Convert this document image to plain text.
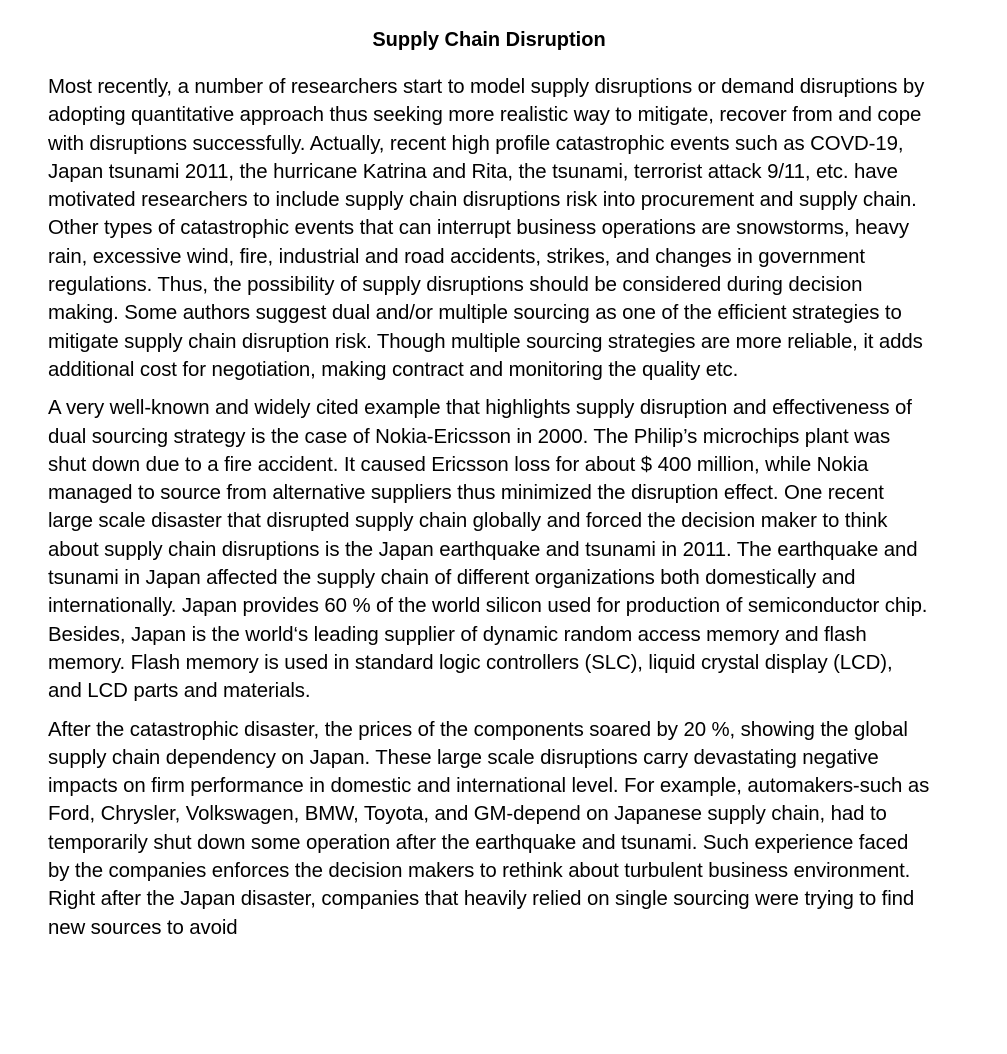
Supply Chain Disruption

Most recently, a number of researchers start to model supply disruptions or demand disruptions by adopting quantitative approach thus seeking more realistic way to mitigate, recover from and cope with disruptions successfully. Actually, recent high profile catastrophic events such as COVD-19, Japan tsunami 2011, the hurricane Katrina and Rita, the tsunami, terrorist attack 9/11, etc. have motivated researchers to include supply chain disruptions risk into procurement and supply chain. Other types of catastrophic events that can interrupt business operations are snowstorms, heavy rain, excessive wind, fire, industrial and road accidents, strikes, and changes in government regulations. Thus, the possibility of supply disruptions should be considered during decision making. Some authors suggest dual and/or multiple sourcing as one of the efficient strategies to mitigate supply chain disruption risk. Though multiple sourcing strategies are more reliable, it adds additional cost for negotiation, making contract and monitoring the quality etc.

A very well-known and widely cited example that highlights supply disruption and effectiveness of dual sourcing strategy is the case of Nokia-Ericsson in 2000. The Philip’s microchips plant was shut down due to a fire accident. It caused Ericsson loss for about $ 400 million, while Nokia managed to source from alternative suppliers thus minimized the disruption effect. One recent large scale disaster that disrupted supply chain globally and forced the decision maker to think about supply chain disruptions is the Japan earthquake and tsunami in 2011. The earthquake and tsunami in Japan affected the supply chain of different organizations both domestically and internationally. Japan provides 60 % of the world silicon used for production of semiconductor chip. Besides, Japan is the world‘s leading supplier of dynamic random access memory and flash memory. Flash memory is used in standard logic controllers (SLC), liquid crystal display (LCD), and LCD parts and materials.

After the catastrophic disaster, the prices of the components soared by 20 %, showing the global supply chain dependency on Japan. These large scale disruptions carry devastating negative impacts on firm performance in domestic and international level. For example, automakers-such as Ford, Chrysler, Volkswagen, BMW, Toyota, and GM-depend on Japanese supply chain, had to temporarily shut down some operation after the earthquake and tsunami. Such experience faced by the companies enforces the decision makers to rethink about turbulent business environment. Right after the Japan disaster, companies that heavily relied on single sourcing were trying to find new sources to avoid
